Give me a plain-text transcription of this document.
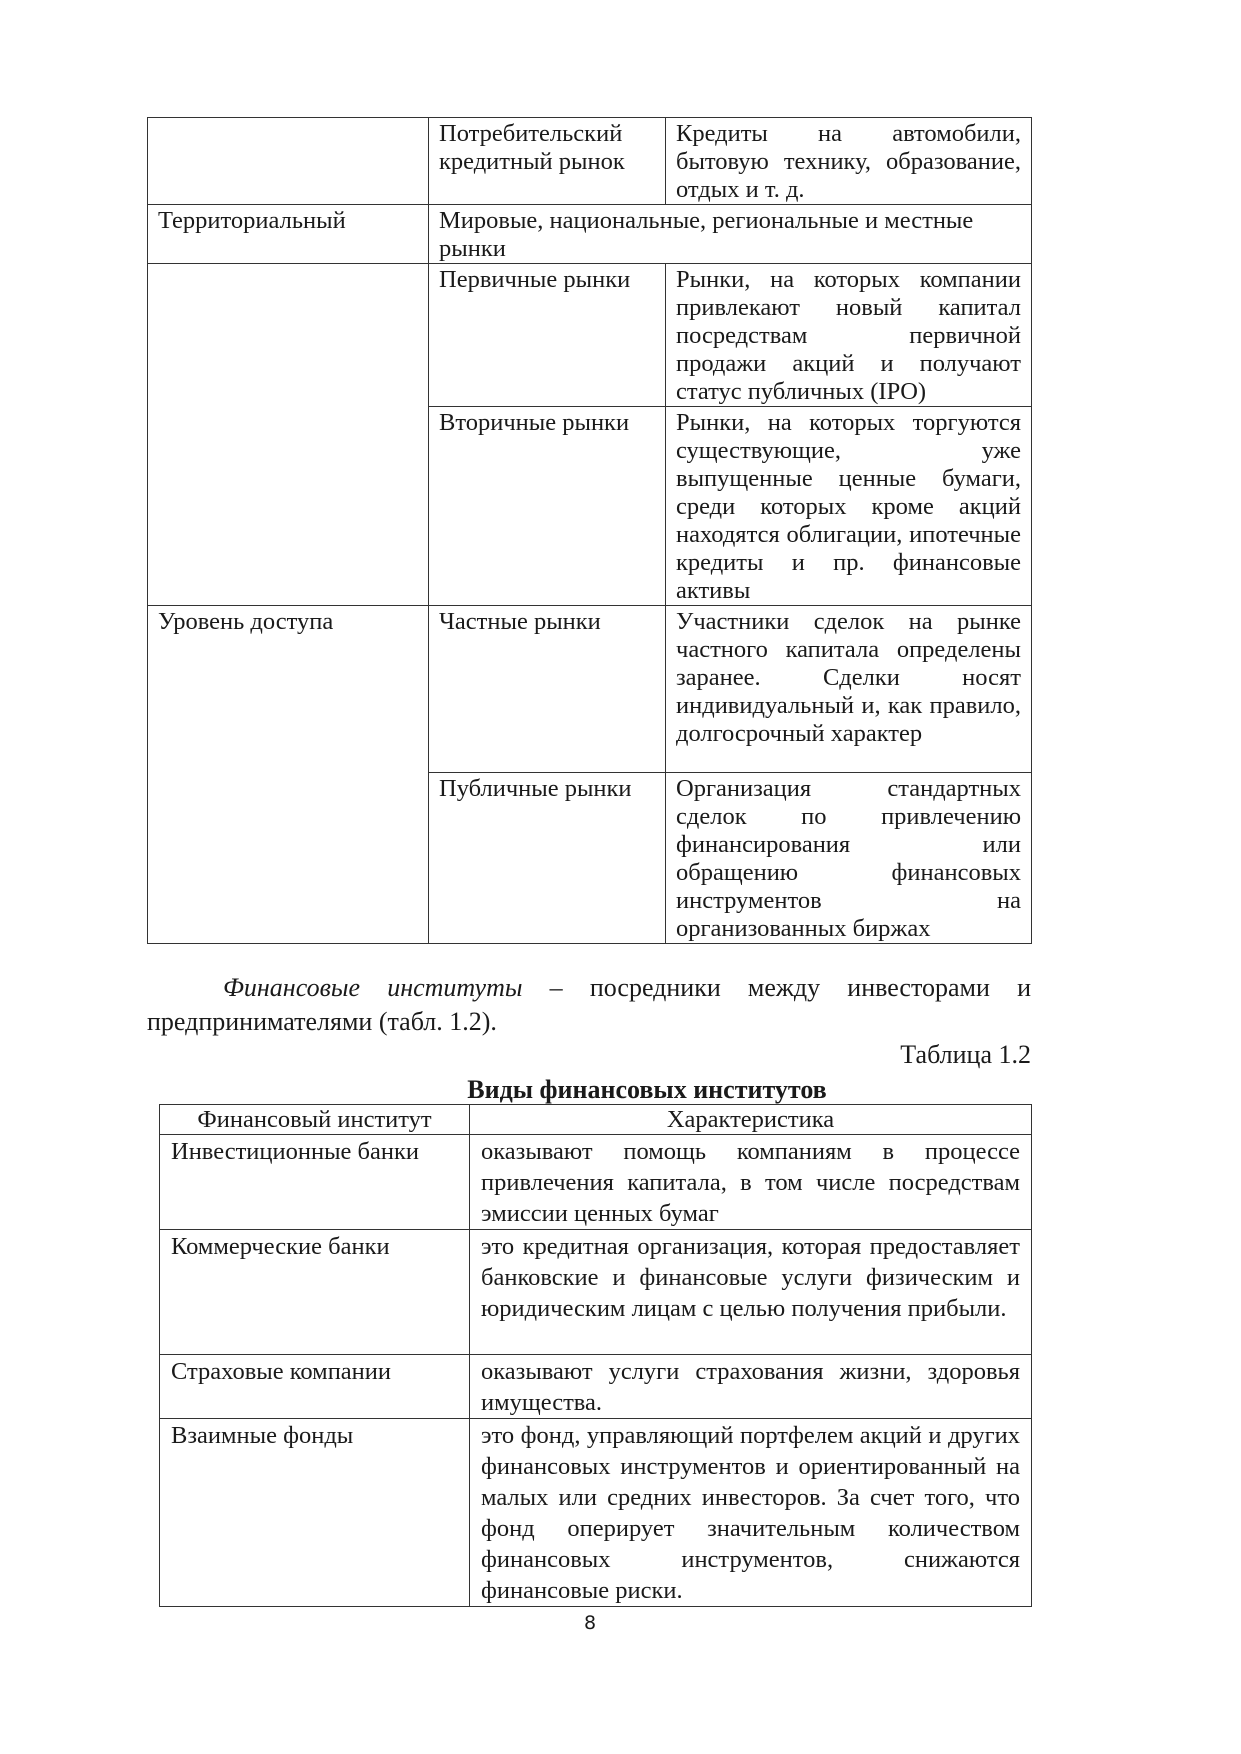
	Потребительский кредитный рынок	Кредиты на автомобили, бытовую технику, образование, отдых и т. д.
Территориальный	Мировые, национальные, региональные и местные рынки	
	Первичные рынки	Рынки, на которых компании привлекают новый капитал посредствам первичной продажи акций и получают статус публичных (IPO)
	Вторичные рынки	Рынки, на которых торгуются существующие, уже выпущенные ценные бумаги, среди которых кроме акций находятся облигации, ипотечные кредиты и пр. финансовые активы
Уровень доступа	Частные рынки	Участники сделок на рынке частного капитала определены заранее. Сделки носят индивидуальный и, как правило, долгосрочный характер
	Публичные рынки	Организация стандартных сделок по привлечению финансирования или обращению финансовых инструментов на организованных биржах
Финансовые институты – посредники между инвесторами и предпринимателями (табл. 1.2).
Таблица 1.2
Виды финансовых институтов
Финансовый институт	Характеристика
Инвестиционные банки	оказывают помощь компаниям в процессе привлечения капитала, в том числе посредствам эмиссии ценных бумаг
Коммерческие банки	это кредитная организация, которая предоставляет банковские и финансовые услуги физическим и юридическим лицам с целью получения прибыли.
Страховые компании	оказывают услуги страхования жизни, здоровья имущества.
Взаимные фонды	это фонд, управляющий портфелем акций и других финансовых инструментов и ориентированный на малых или средних инвесторов. За счет того, что фонд оперирует значительным количеством финансовых инструментов, снижаются финансовые риски.
8
